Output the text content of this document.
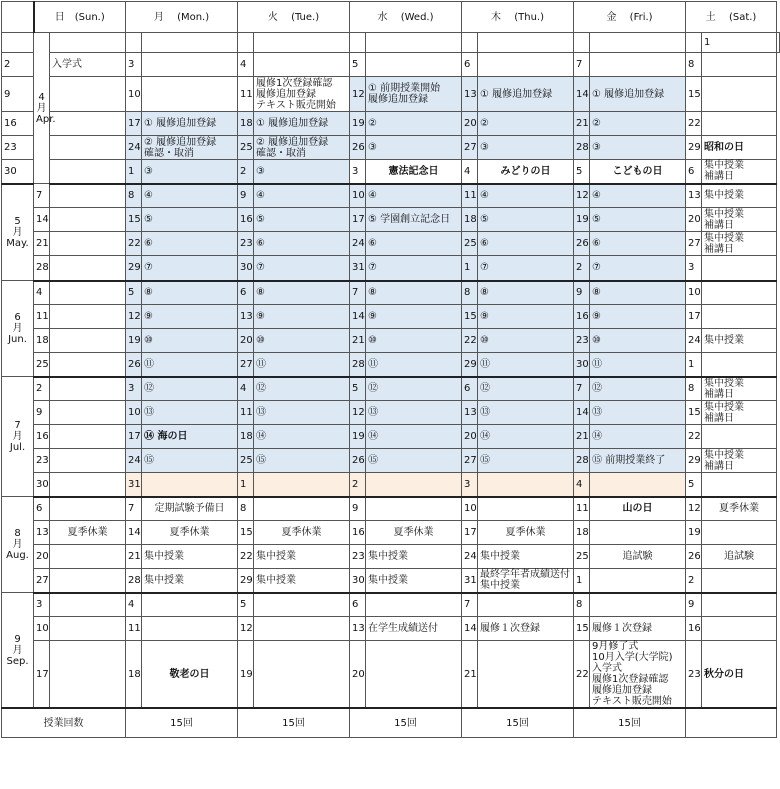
	日　(Sun.)		月　 (Mon.)		火　 (Tue.)		水　 (Wed.)		木　 (Thu.)		金　 (Fri.)		土　 (Sat.)		
	4
月
Apr.													1	
2		入学式	3		4		5		6		7		8		
9			10		11	履修1次登録確認
履修追加登録
テキスト販売開始	12	① 前期授業開始
履修追加登録	13	① 履修追加登録	14	① 履修追加登録	15		
16			17	① 履修追加登録	18	① 履修追加登録	19	②	20	②	21	②	22		
23			24	② 履修追加登録
確認・取消	25	② 履修追加登録
確認・取消	26	③	27	③	28	③	29	昭和の日	
30			1	③	2	③	3	憲法記念日	4	みどりの日	5	こどもの日	6	集中授業
補講日	
5
月
May.	7		8	④	9	④	10	④	11	④	12	④	13	集中授業	
	14		15	⑤	16	⑤	17	⑤ 学園創立記念日	18	⑤	19	⑤	20	集中授業
補講日	
	21		22	⑥	23	⑥	24	⑥	25	⑥	26	⑥	27	集中授業
補講日	
	28		29	⑦	30	⑦	31	⑦	1	⑦	2	⑦	3		
6
月
Jun.	4		5	⑧	6	⑧	7	⑧	8	⑧	9	⑧	10		
	11		12	⑨	13	⑨	14	⑨	15	⑨	16	⑨	17		
	18		19	⑩	20	⑩	21	⑩	22	⑩	23	⑩	24	集中授業	
	25		26	⑪	27	⑪	28	⑪	29	⑪	30	⑪	1		
7
月
Jul.	2		3	⑫	4	⑫	5	⑫	6	⑫	7	⑫	8	集中授業
補講日	
	9		10	⑬	11	⑬	12	⑬	13	⑬	14	⑬	15	集中授業
補講日	
	16		17	⑭ 海の日	18	⑭	19	⑭	20	⑭	21	⑭	22		
	23		24	⑮	25	⑮	26	⑮	27	⑮	28	⑮ 前期授業終了	29	集中授業
補講日	
	30		31		1		2		3		4		5		
8
月
Aug.	6		7	定期試験予備日	8		9		10		11	山の日	12	夏季休業	
	13	夏季休業	14	夏季休業	15	夏季休業	16	夏季休業	17	夏季休業	18		19		
	20		21	集中授業	22	集中授業	23	集中授業	24	集中授業	25	追試験	26	追試験	
	27		28	集中授業	29	集中授業	30	集中授業	31	最終学年者成績送付
集中授業	1		2		
9
月
Sep.	3		4		5		6		7		8		9		
	10		11		12		13	在学生成績送付	14	履修１次登録	15	履修１次登録	16		
	17		18	敬老の日	19		20		21		22	9月修了式
10月入学(大学院) 入学式
履修1次登録確認
履修追加登録
テキスト販売開始	23	秋分の日	
授業回数			15回		15回		15回		15回		15回				
